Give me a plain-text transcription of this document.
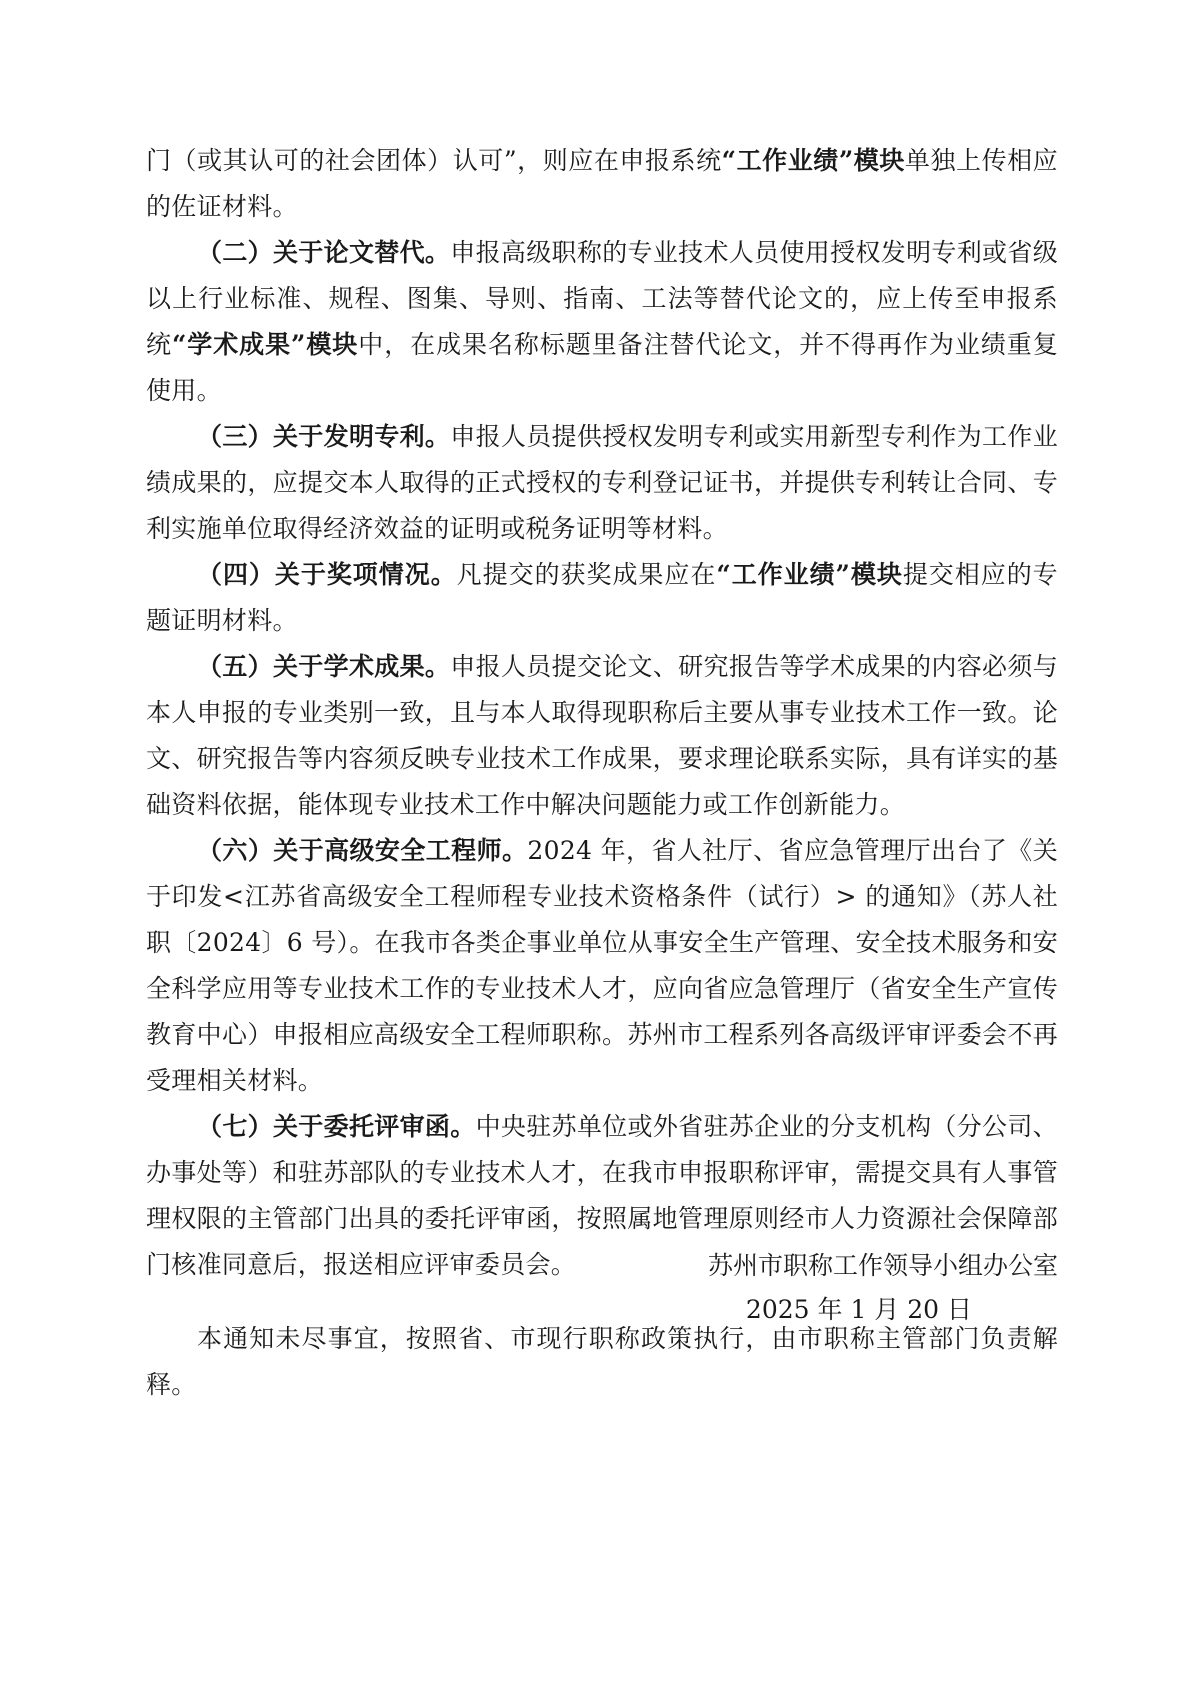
门（或其认可的社会团体）认可”，则应在申报系统“工作业绩”模块单独上传相应的佐证材料。

（二）关于论文替代。申报高级职称的专业技术人员使用授权发明专利或省级以上行业标准、规程、图集、导则、指南、工法等替代论文的，应上传至申报系统“学术成果”模块中，在成果名称标题里备注替代论文，并不得再作为业绩重复使用。

（三）关于发明专利。申报人员提供授权发明专利或实用新型专利作为工作业绩成果的，应提交本人取得的正式授权的专利登记证书，并提供专利转让合同、专利实施单位取得经济效益的证明或税务证明等材料。

（四）关于奖项情况。凡提交的获奖成果应在“工作业绩”模块提交相应的专题证明材料。

（五）关于学术成果。申报人员提交论文、研究报告等学术成果的内容必须与本人申报的专业类别一致，且与本人取得现职称后主要从事专业技术工作一致。论文、研究报告等内容须反映专业技术工作成果，要求理论联系实际，具有详实的基础资料依据，能体现专业技术工作中解决问题能力或工作创新能力。

（六）关于高级安全工程师。2024 年，省人社厅、省应急管理厅出台了《关于印发<江苏省高级安全工程师程专业技术资格条件（试行）> 的通知》（苏人社职〔2024〕6 号）。在我市各类企事业单位从事安全生产管理、安全技术服务和安全科学应用等专业技术工作的专业技术人才，应向省应急管理厅（省安全生产宣传教育中心）申报相应高级安全工程师职称。苏州市工程系列各高级评审评委会不再受理相关材料。

（七）关于委托评审函。中央驻苏单位或外省驻苏企业的分支机构（分公司、办事处等）和驻苏部队的专业技术人才，在我市申报职称评审，需提交具有人事管理权限的主管部门出具的委托评审函，按照属地管理原则经市人力资源社会保障部门核准同意后，报送相应评审委员会。

本通知未尽事宜，按照省、市现行职称政策执行，由市职称主管部门负责解释。

苏州市职称工作领导小组办公室
2025 年 1 月 20 日
